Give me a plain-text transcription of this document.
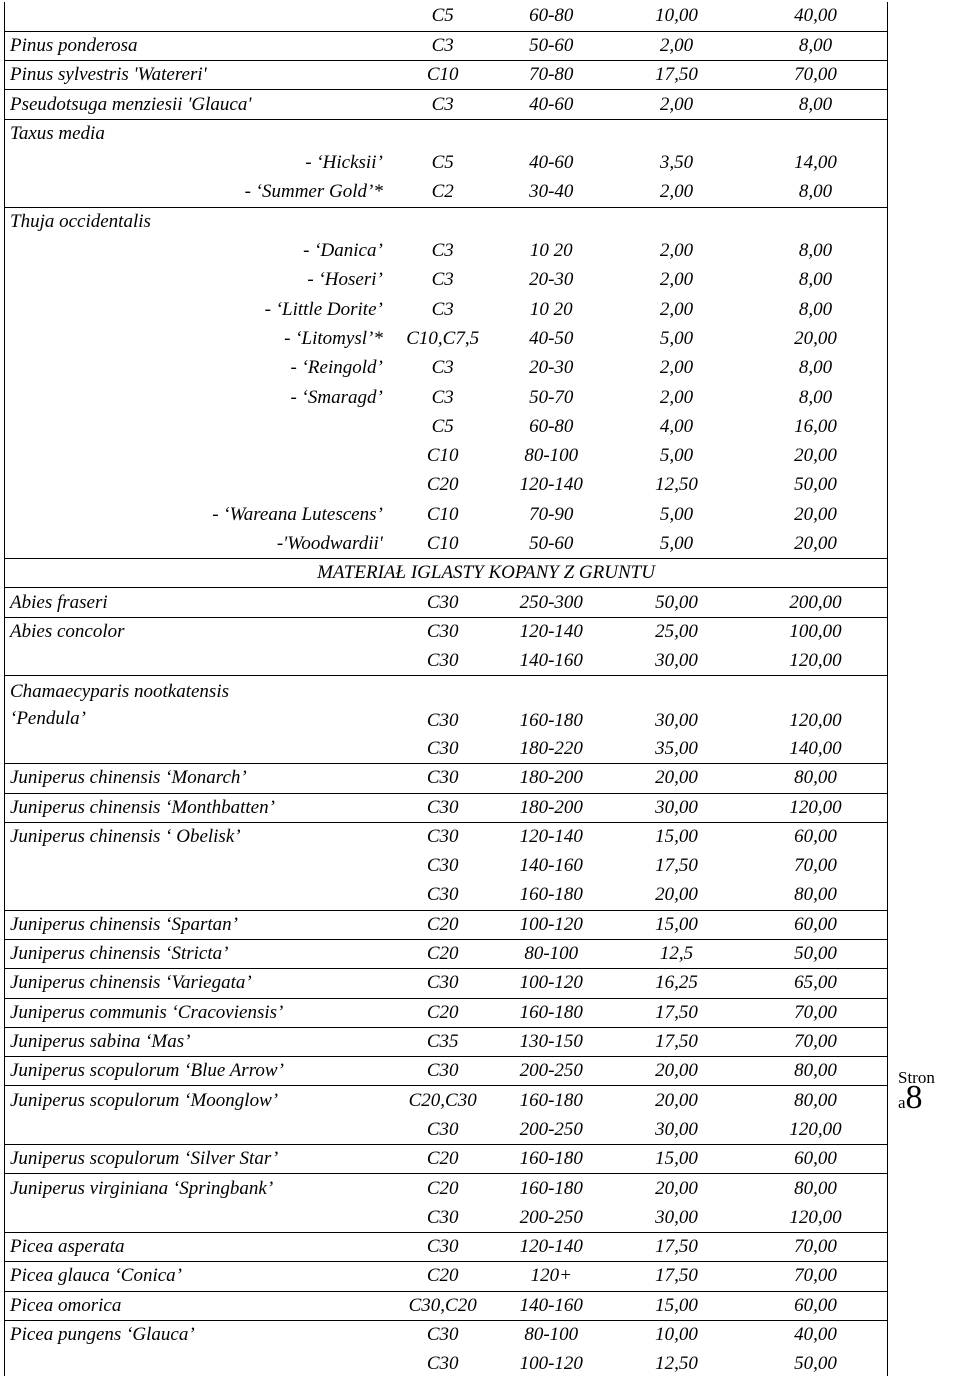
	C5	60-80	10,00	40,00
Pinus ponderosa	C3	50-60	2,00	8,00
Pinus sylvestris 'Watereri'	C10	70-80	17,50	70,00
Pseudotsuga menziesii 'Glauca'	C3	40-60	2,00	8,00
Taxus media				
- ‘Hicksii’	C5	40-60	3,50	14,00
- ‘Summer Gold’*	C2	30-40	2,00	8,00
Thuja occidentalis				
- ‘Danica’	C3	10 20	2,00	8,00
- ‘Hoseri’	C3	20-30	2,00	8,00
- ‘Little Dorite’	C3	10 20	2,00	8,00
- ‘Litomysl’*	C10,C7,5	40-50	5,00	20,00
- ‘Reingold’	C3	20-30	2,00	8,00
- ‘Smaragd’	C3	50-70	2,00	8,00
	C5	60-80	4,00	16,00
	C10	80-100	5,00	20,00
	C20	120-140	12,50	50,00
- ‘Wareana Lutescens’	C10	70-90	5,00	20,00
-'Woodwardii'	C10	50-60	5,00	20,00
MATERIAŁ IGLASTY KOPANY Z GRUNTU				
Abies fraseri	C30	250-300	50,00	200,00
Abies concolor	C30	120-140	25,00	100,00
	C30	140-160	30,00	120,00

Chamaecyparis nootkatensis
‘Pendula’	C30	160-180	30,00	120,00
	C30	180-220	35,00	140,00
Juniperus chinensis ‘Monarch’	C30	180-200	20,00	80,00
Juniperus chinensis ‘Monthbatten’	C30	180-200	30,00	120,00
Juniperus chinensis ‘ Obelisk’	C30	120-140	15,00	60,00
	C30	140-160	17,50	70,00
	C30	160-180	20,00	80,00
Juniperus chinensis ‘Spartan’	C20	100-120	15,00	60,00
Juniperus chinensis ‘Stricta’	C20	80-100	12,5	50,00
Juniperus chinensis ‘Variegata’	C30	100-120	16,25	65,00
Juniperus communis ‘Cracoviensis’	C20	160-180	17,50	70,00
Juniperus sabina ‘Mas’	C35	130-150	17,50	70,00
Juniperus scopulorum ‘Blue Arrow’	C30	200-250	20,00	80,00
Juniperus scopulorum ‘Moonglow’	C20,C30	160-180	20,00	80,00
	C30	200-250	30,00	120,00
Juniperus scopulorum ‘Silver Star’	C20	160-180	15,00	60,00
Juniperus virginiana ‘Springbank’	C20	160-180	20,00	80,00
	C30	200-250	30,00	120,00
Picea asperata	C30	120-140	17,50	70,00
Picea glauca ‘Conica’	C20	120+	17,50	70,00
Picea omorica	C30,C20	140-160	15,00	60,00
Picea pungens ‘Glauca’	C30	80-100	10,00	40,00
	C30	100-120	12,50	50,00
Stron
a8
